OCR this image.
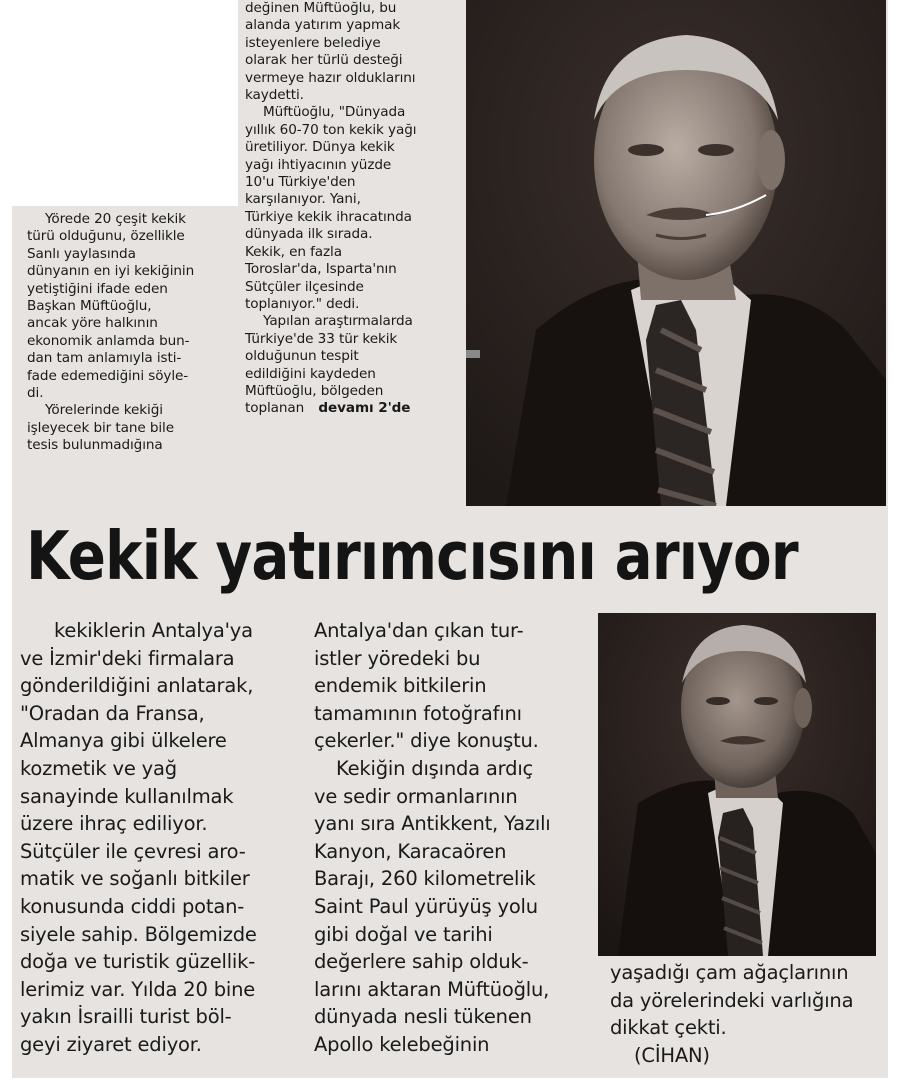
Yörede 20 çeşit kekik

türü olduğunu, özellikle

Sanlı yaylasında

dünyanın en iyi kekiğinin

yetiştiğini ifade eden

Başkan Müftüoğlu,

ancak yöre halkının

ekonomik anlamda bun-

dan tam anlamıyla isti-

fade edemediğini söyle-

di.

Yörelerinde kekiği

işleyecek bir tane bile

tesis bulunmadığına

değinen Müftüoğlu, bu

alanda yatırım yapmak

isteyenlere belediye

olarak her türlü desteği

vermeye hazır olduklarını

kaydetti.

Müftüoğlu, "Dünyada

yıllık 60-70 ton kekik yağı

üretiliyor. Dünya kekik

yağı ihtiyacının yüzde

10'u Türkiye'den

karşılanıyor. Yani,

Türkiye kekik ihracatında

dünyada ilk sırada.

Kekik, en fazla

Toroslar'da, Isparta'nın

Sütçüler ilçesinde

toplanıyor." dedi.

Yapılan araştırmalarda

Türkiye'de 33 tür kekik

olduğunun tespit

edildiğini kaydeden

Müftüoğlu, bölgeden

toplanan devamı 2'de

Kekik yatırımcısını arıyor

kekiklerin Antalya'ya

ve İzmir'deki firmalara

gönderildiğini anlatarak,

"Oradan da Fransa,

Almanya gibi ülkelere

kozmetik ve yağ

sanayinde kullanılmak

üzere ihraç ediliyor.

Sütçüler ile çevresi aro-

matik ve soğanlı bitkiler

konusunda ciddi potan-

siyele sahip. Bölgemizde

doğa ve turistik güzellik-

lerimiz var. Yılda 20 bine

yakın İsrailli turist böl-

geyi ziyaret ediyor.

Antalya'dan çıkan tur-

istler yöredeki bu

endemik bitkilerin

tamamının fotoğrafını

çekerler." diye konuştu.

Kekiğin dışında ardıç

ve sedir ormanlarının

yanı sıra Antikkent, Yazılı

Kanyon, Karacaören

Barajı, 260 kilometrelik

Saint Paul yürüyüş yolu

gibi doğal ve tarihi

değerlere sahip olduk-

larını aktaran Müftüoğlu,

dünyada nesli tükenen

Apollo kelebeğinin

yaşadığı çam ağaçlarının

da yörelerindeki varlığına

dikkat çekti.

(CİHAN)
